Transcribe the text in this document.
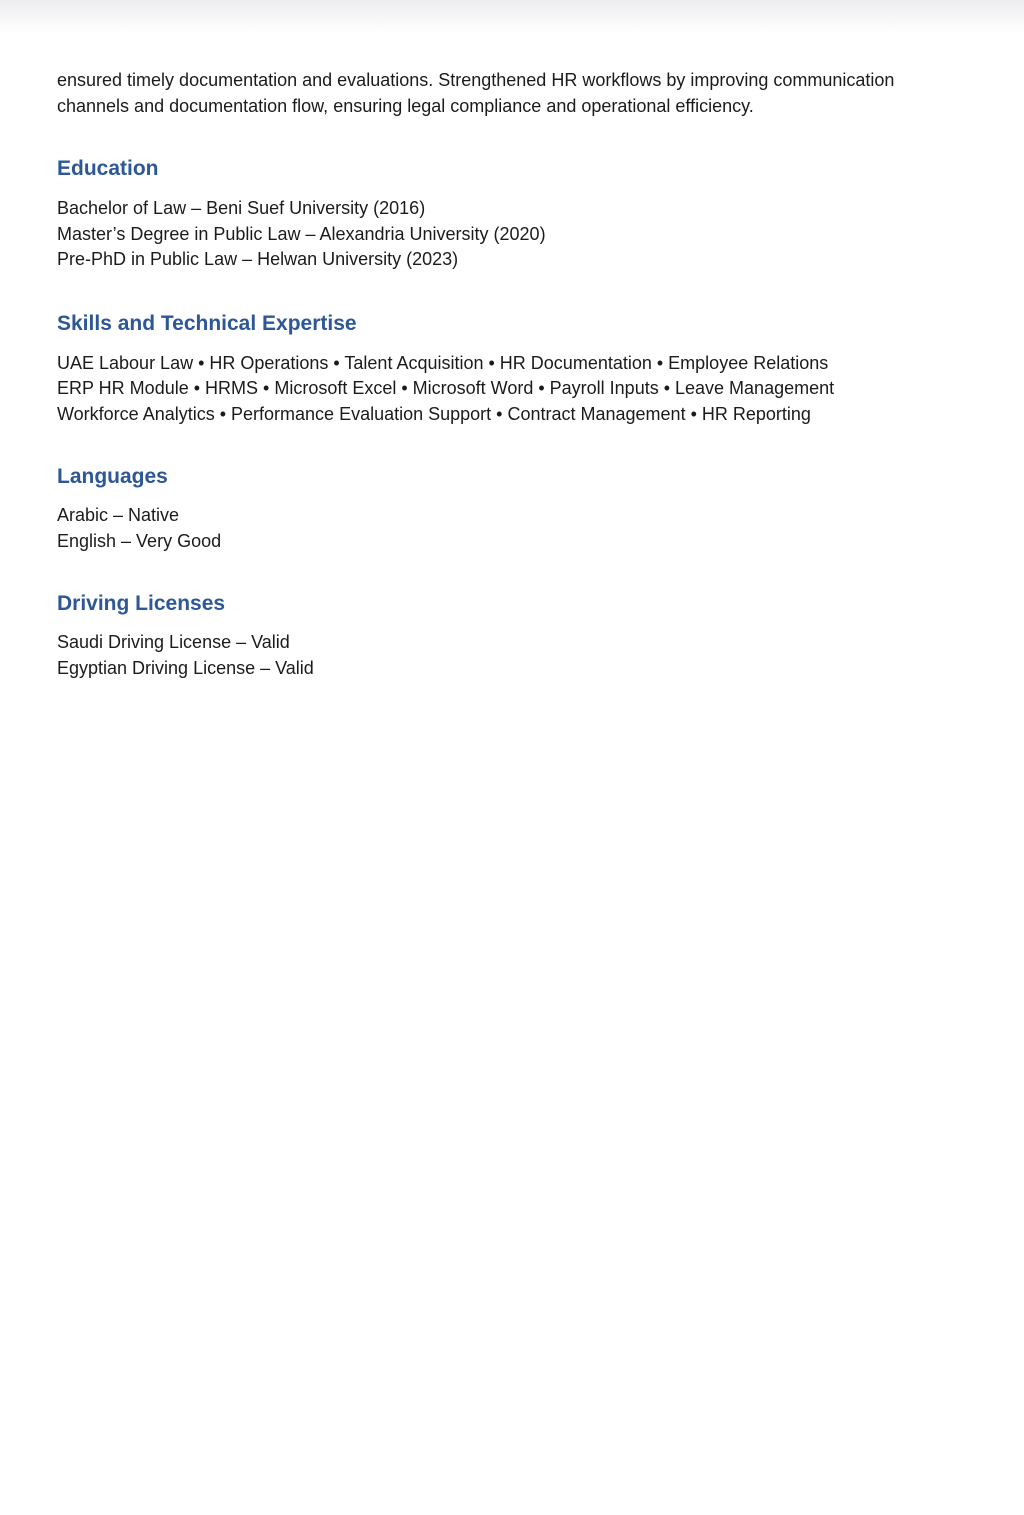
ensured timely documentation and evaluations. Strengthened HR workflows by improving communication
channels and documentation flow, ensuring legal compliance and operational efficiency.

Education
Bachelor of Law – Beni Suef University (2016)
Master’s Degree in Public Law – Alexandria University (2020)
Pre-PhD in Public Law – Helwan University (2023)
Skills and Technical Expertise
UAE Labour Law • HR Operations • Talent Acquisition • HR Documentation • Employee Relations
ERP HR Module • HRMS • Microsoft Excel • Microsoft Word • Payroll Inputs • Leave Management
Workforce Analytics • Performance Evaluation Support • Contract Management • HR Reporting
Languages
Arabic – Native
English – Very Good
Driving Licenses
Saudi Driving License – Valid
Egyptian Driving License – Valid
